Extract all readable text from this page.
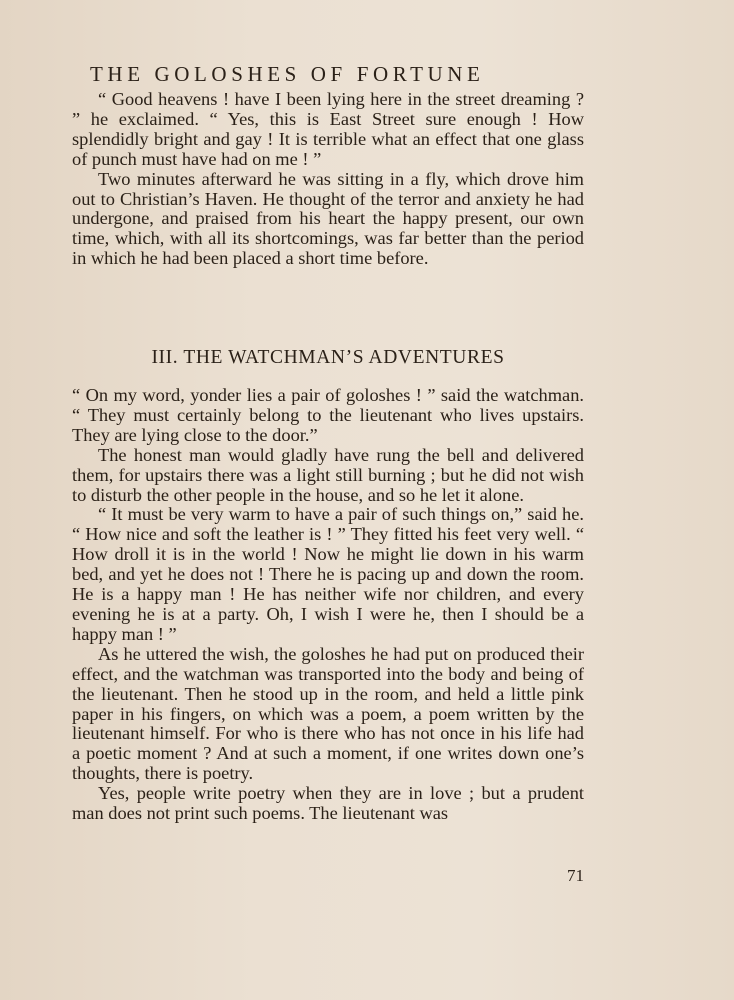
THE GOLOSHES OF FORTUNE

“ Good heavens ! have I been lying here in the street dreaming ? ” he exclaimed. “ Yes, this is East Street sure enough ! How splendidly bright and gay ! It is terrible what an effect that one glass of punch must have had on me ! ”

Two minutes afterward he was sitting in a fly, which drove him out to Christian’s Haven. He thought of the terror and anxiety he had undergone, and praised from his heart the happy present, our own time, which, with all its shortcomings, was far better than the period in which he had been placed a short time before.

III. THE WATCHMAN’S ADVENTURES

“ On my word, yonder lies a pair of goloshes ! ” said the watchman. “ They must certainly belong to the lieutenant who lives upstairs. They are lying close to the door.”

The honest man would gladly have rung the bell and delivered them, for upstairs there was a light still burning ; but he did not wish to disturb the other people in the house, and so he let it alone.

“ It must be very warm to have a pair of such things on,” said he. “ How nice and soft the leather is ! ” They fitted his feet very well. “ How droll it is in the world ! Now he might lie down in his warm bed, and yet he does not ! There he is pacing up and down the room. He is a happy man ! He has neither wife nor children, and every evening he is at a party. Oh, I wish I were he, then I should be a happy man ! ”

As he uttered the wish, the goloshes he had put on produced their effect, and the watchman was transported into the body and being of the lieutenant. Then he stood up in the room, and held a little pink paper in his fingers, on which was a poem, a poem written by the lieutenant himself. For who is there who has not once in his life had a poetic moment ? And at such a moment, if one writes down one’s thoughts, there is poetry.

Yes, people write poetry when they are in love ; but a prudent man does not print such poems. The lieutenant was

71
